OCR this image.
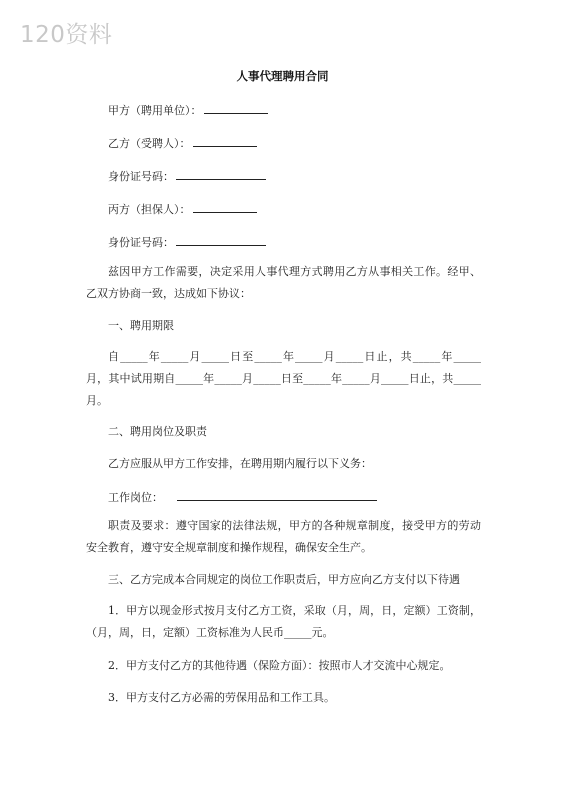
120资料
人事代理聘用合同
甲方（聘用单位）：
乙方（受聘人）：
身份证号码：
丙方（担保人）：
身份证号码：
兹因甲方工作需要，决定采用人事代理方式聘用乙方从事相关工作。经甲、乙双方协商一致，达成如下协议：
一、聘用期限
自_____年_____月_____日至_____年_____月_____日止，共_____年_____月，其中试用期自_____年_____月_____日至_____年_____月_____日止，共_____月。
二、聘用岗位及职责
乙方应服从甲方工作安排，在聘用期内履行以下义务：
工作岗位：
职责及要求：遵守国家的法律法规，甲方的各种规章制度，接受甲方的劳动安全教育，遵守安全规章制度和操作规程，确保安全生产。
三、乙方完成本合同规定的岗位工作职责后，甲方应向乙方支付以下待遇
1．甲方以现金形式按月支付乙方工资，采取（月，周，日，定额）工资制，（月，周，日，定额）工资标准为人民币_____元。
2．甲方支付乙方的其他待遇（保险方面）：按照市人才交流中心规定。
3．甲方支付乙方必需的劳保用品和工作工具。
